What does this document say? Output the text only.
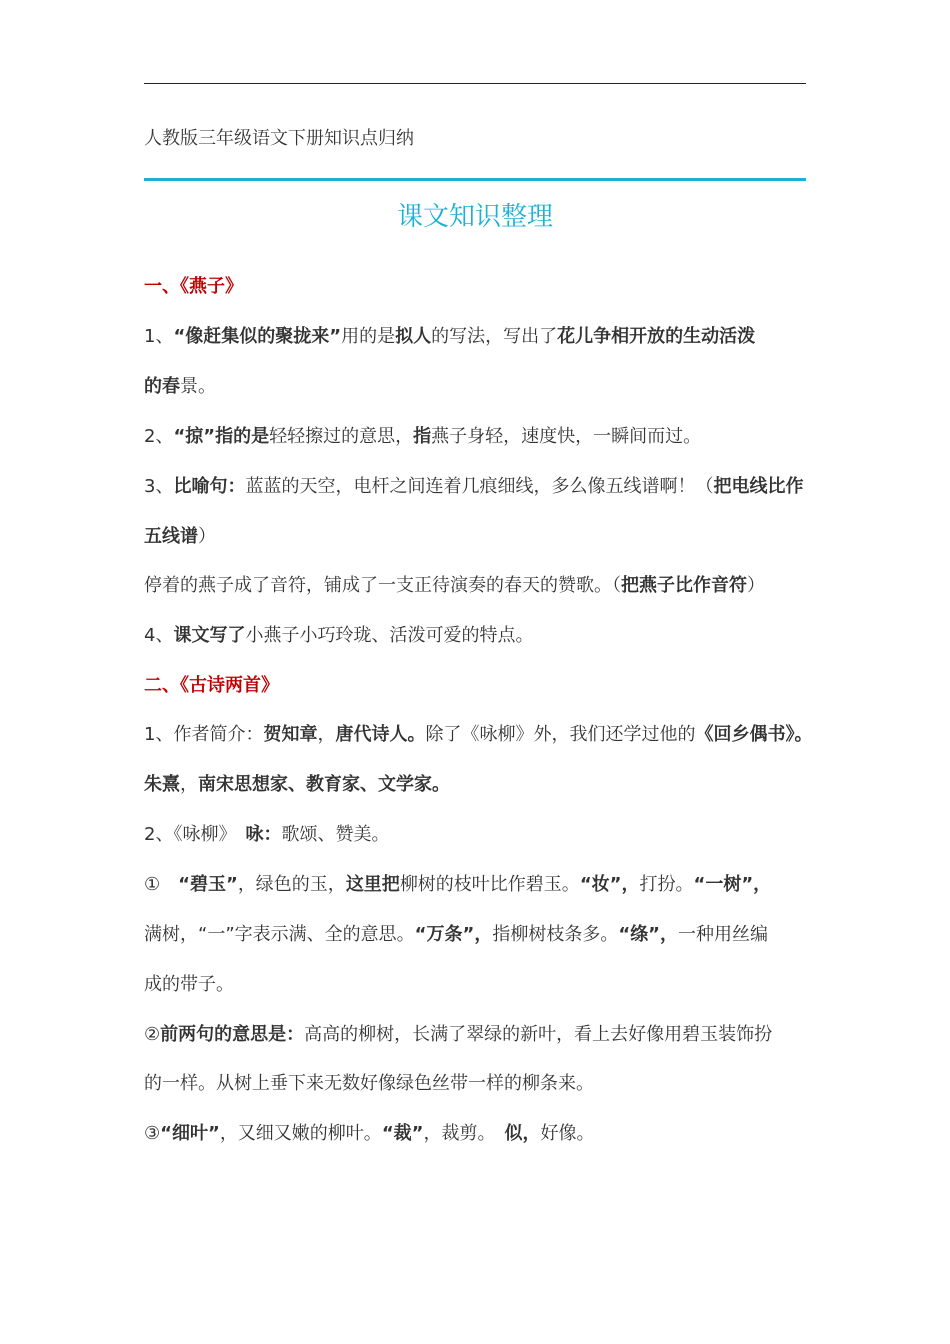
人教版三年级语文下册知识点归纳
课文知识整理
一、《燕子》
1、“像赶集似的聚拢来”用的是拟人的写法，写出了花儿争相开放的生动活泼
的春景。
2、“掠”指的是轻轻擦过的意思，指燕子身轻，速度快，一瞬间而过。
3、比喻句：蓝蓝的天空，电杆之间连着几痕细线，多么像五线谱啊！（把电线比作
五线谱）
停着的燕子成了音符，铺成了一支正待演奏的春天的赞歌。（把燕子比作音符）
4、课文写了小燕子小巧玲珑、活泼可爱的特点。
二、《古诗两首》
1、作者简介：贺知章，唐代诗人。除了《咏柳》外，我们还学过他的《回乡偶书》。
朱熹，南宋思想家、教育家、文学家。
2、《咏柳》　咏：歌颂、赞美。
①　“碧玉”，绿色的玉，这里把柳树的枝叶比作碧玉。“妆”，打扮。“一树”，
满树，“一”字表示满、全的意思。“万条”，指柳树枝条多。“绦”，一种用丝编
成的带子。
②前两句的意思是：高高的柳树，长满了翠绿的新叶，看上去好像用碧玉装饰扮
的一样。从树上垂下来无数好像绿色丝带一样的柳条来。
③“细叶”，又细又嫩的柳叶。“裁”，裁剪。　似，好像。
